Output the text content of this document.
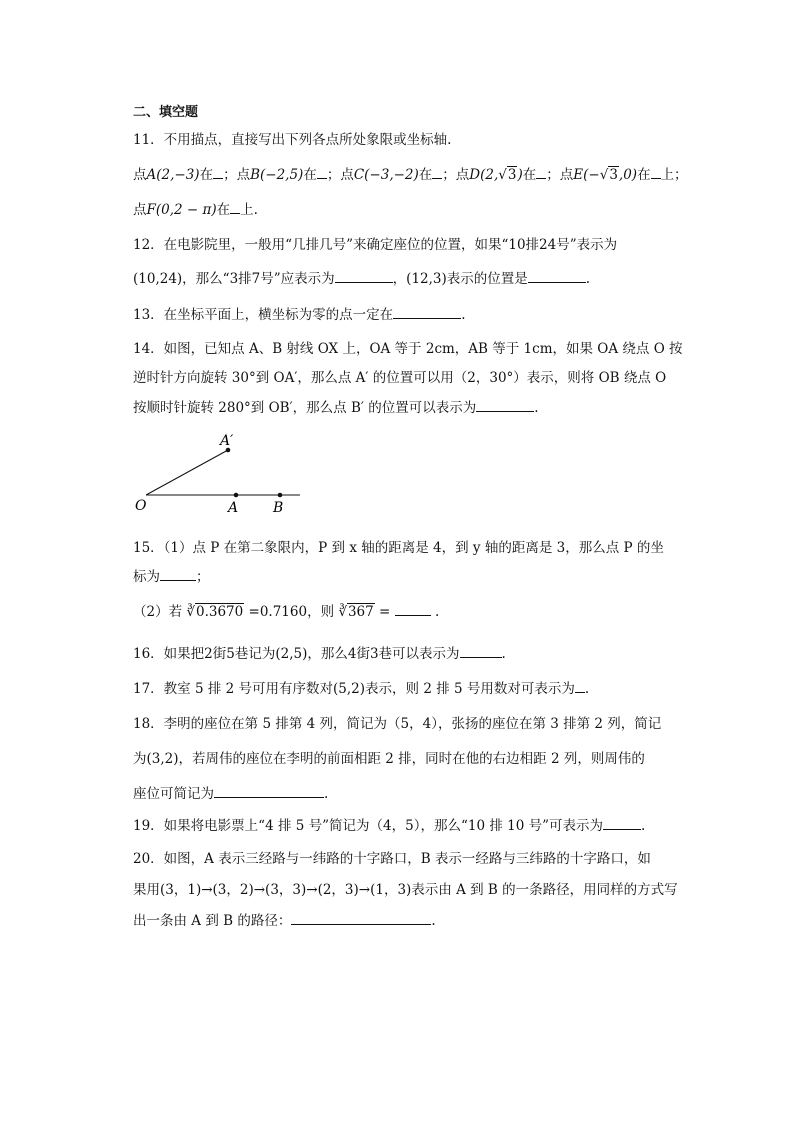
二、填空题
11．不用描点，直接写出下列各点所处象限或坐标轴.
点A(2,−3)在 ；点B(−2,5)在 ；点C(−3,−2)在 ；点D(2,√3)在 ；点E(−√3,0)在 上；
点F(0,2 − π)在 上.
12．在电影院里，一般用“几排几号”来确定座位的位置，如果“10排24号”表示为
(10,24)，那么“3排7号”应表示为	，(12,3)表示的位置是	.
13．在坐标平面上，横坐标为零的点一定在	.
14．如图，已知点 A、B 射线 OX 上，OA 等于 2cm，AB 等于 1cm，如果 OA 绕点 O 按
逆时针方向旋转 30°到 OA′，那么点 A′ 的位置可以用（2，30°）表示，则将 OB 绕点 O
按顺时针旋转 280°到 OB′，那么点 B′ 的位置可以表示为	.
O	A B
A′
15．（1）点 P 在第二象限内，P 到 x 轴的距离是 4，到 y 轴的距离是 3，那么点 P 的坐
标为	；
（2）若 ∛0.3670 =0.7160，则 ∛367 =	.
16．如果把2街5巷记为(2,5)，那么4街3巷可以表示为	.
17．教室 5 排 2 号可用有序数对(5,2)表示，则 2 排 5 号用数对可表示为 .
18．李明的座位在第 5 排第 4 列，简记为（5，4），张扬的座位在第 3 排第 2 列，简记
为(3,2)，若周伟的座位在李明的前面相距 2 排，同时在他的右边相距 2 列，则周伟的
座位可简记为	.
19．如果将电影票上“4 排 5 号”简记为（4，5），那么“10 排 10 号”可表示为	.
20．如图，A 表示三经路与一纬路的十字路口，B 表示一经路与三纬路的十字路口，如
果用(3，1)→(3，2)→(3，3)→(2，3)→(1，3)表示由 A 到 B 的一条路径，用同样的方式写
出一条由 A 到 B 的路径：	.
